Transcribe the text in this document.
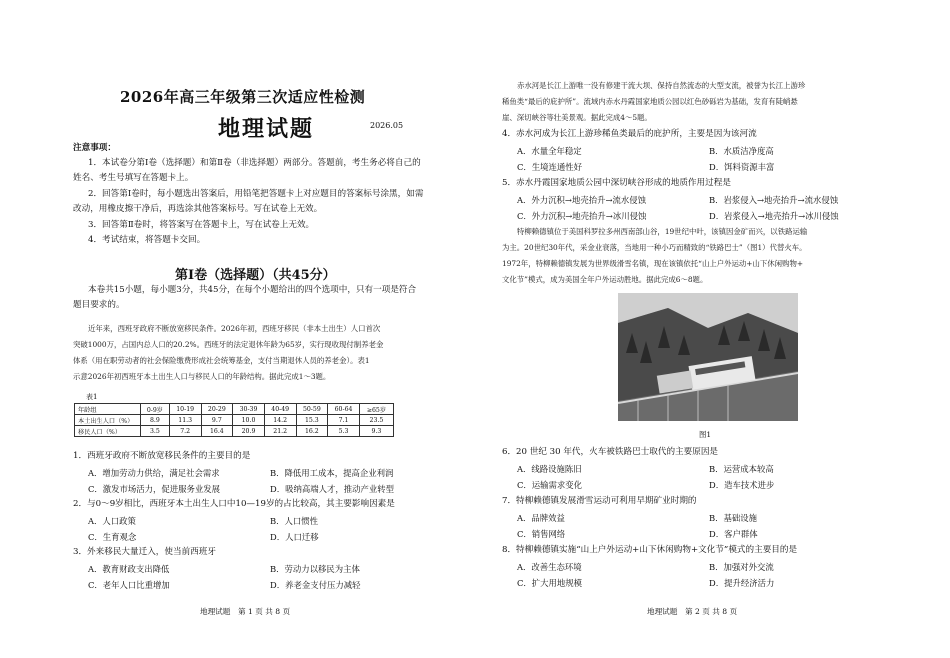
2026年高三年级第三次适应性检测
地理试题	2026.05
注意事项：
1．本试卷分第Ⅰ卷（选择题）和第Ⅱ卷（非选择题）两部分。答题前，考生务必将自己的
姓名、考生号填写在答题卡上。
2．回答第Ⅰ卷时，每小题选出答案后，用铅笔把答题卡上对应题目的答案标号涂黑，如需
改动，用橡皮擦干净后，再选涂其他答案标号。写在试卷上无效。
3．回答第Ⅱ卷时，将答案写在答题卡上，写在试卷上无效。
4．考试结束，将答题卡交回。
第Ⅰ卷（选择题）（共45分）
本卷共15小题，每小题3分，共45分，在每个小题给出的四个选项中，只有一项是符合
题目要求的。
近年来，西班牙政府不断放宽移民条件。2026年初，西班牙移民（非本土出生）人口首次
突破1000万，占国内总人口的20.2%。西班牙的法定退休年龄为65岁，实行现收现付制养老金
体系（用在职劳动者的社会保险缴费形成社会统筹基金，支付当期退休人员的养老金）。表1
示意2026年初西班牙本土出生人口与移民人口的年龄结构。据此完成1～3题。
表1
年龄组	0-9岁	10-19	20-29	30-39	40-49	50-59	60-64	≥65岁
本土出生人口（%）	8.9	11.3	9.7	10.0	14.2	15.3	7.1	23.5
移民人口（%）	3.5	7.2	16.4	20.9	21.2	16.2	5.3	9.3
1．西班牙政府不断放宽移民条件的主要目的是
A．增加劳动力供给，满足社会需求	B．降低用工成本，提高企业利润
C．激发市场活力，促进服务业发展	D．吸纳高端人才，推动产业转型
2．与0～9岁相比，西班牙本土出生人口中10—19岁的占比较高，其主要影响因素是
A．人口政策	B．人口惯性
C．生育观念	D．人口迁移
3．外来移民大量迁入，使当前西班牙
A．教育财政支出降低	B．劳动力以移民为主体
C．老年人口比重增加	D．养老金支付压力减轻
地理试题　第 1 页 共 8 页
赤水河是长江上游唯一没有修建干流大坝、保持自然流态的大型支流，被誉为长江上游珍
稀鱼类“最后的庇护所”。流域内赤水丹霞国家地质公园以红色砂砾岩为基础，发育有陡峭悬
崖、深切峡谷等壮美景观。据此完成4～5题。
4．赤水河成为长江上游珍稀鱼类最后的庇护所，主要是因为该河流
A．水量全年稳定	B．水质洁净度高
C．生境连通性好	D．饵料资源丰富
5．赤水丹霞国家地质公园中深切峡谷形成的地质作用过程是
A．外力沉积→地壳抬升→流水侵蚀	B．岩浆侵入→地壳抬升→流水侵蚀
C．外力沉积→地壳抬升→冰川侵蚀	D．岩浆侵入→地壳抬升→冰川侵蚀
特柳赖德镇位于美国科罗拉多州西南部山谷，19世纪中叶，该镇因金矿而兴，以铁路运输
为主。20世纪30年代，采金业衰落，当地用一种小巧而精致的“铁路巴士”（图1）代替火车。
1972年，特柳赖德镇发展为世界级滑雪名镇，现在该镇依托“山上户外运动+山下休闲购物+
文化节”模式，成为美国全年户外运动胜地。据此完成6～8题。
图1
6．20 世纪 30 年代，火车被铁路巴士取代的主要原因是
A．线路设施陈旧	B．运营成本较高
C．运输需求变化	D．造车技术进步
7．特柳赖德镇发展滑雪运动可利用早期矿业时期的
A．品牌效益	B．基础设施
C．销售网络	D．客户群体
8．特柳赖德镇实施“山上户外运动+山下休闲购物+文化节”模式的主要目的是
A．改善生态环境	B．加强对外交流
C．扩大用地规模	D．提升经济活力
地理试题　第 2 页 共 8 页
